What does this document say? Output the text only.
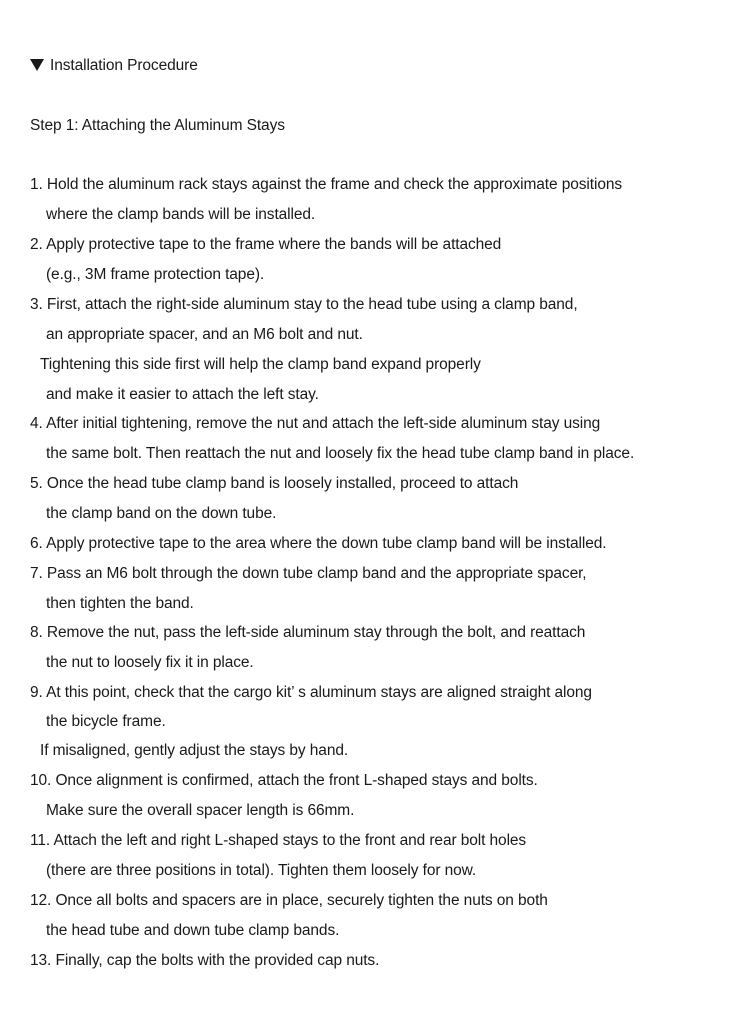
Installation Procedure
Step 1: Attaching the Aluminum Stays
1. Hold the aluminum rack stays against the frame and check the approximate positions
where the clamp bands will be installed.
2. Apply protective tape to the frame where the bands will be attached
(e.g., 3M frame protection tape).
3. First, attach the right-side aluminum stay to the head tube using a clamp band,
an appropriate spacer, and an M6 bolt and nut.
Tightening this side first will help the clamp band expand properly
and make it easier to attach the left stay.
4. After initial tightening, remove the nut and attach the left-side aluminum stay using
the same bolt. Then reattach the nut and loosely fix the head tube clamp band in place.
5. Once the head tube clamp band is loosely installed, proceed to attach
the clamp band on the down tube.
6. Apply protective tape to the area where the down tube clamp band will be installed.
7. Pass an M6 bolt through the down tube clamp band and the appropriate spacer,
then tighten the band.
8. Remove the nut, pass the left-side aluminum stay through the bolt, and reattach
the nut to loosely fix it in place.
9. At this point, check that the cargo kit’ s aluminum stays are aligned straight along
the bicycle frame.
If misaligned, gently adjust the stays by hand.
10. Once alignment is confirmed, attach the front L-shaped stays and bolts.
Make sure the overall spacer length is 66mm.
11. Attach the left and right L-shaped stays to the front and rear bolt holes
(there are three positions in total). Tighten them loosely for now.
12. Once all bolts and spacers are in place, securely tighten the nuts on both
the head tube and down tube clamp bands.
13. Finally, cap the bolts with the provided cap nuts.
